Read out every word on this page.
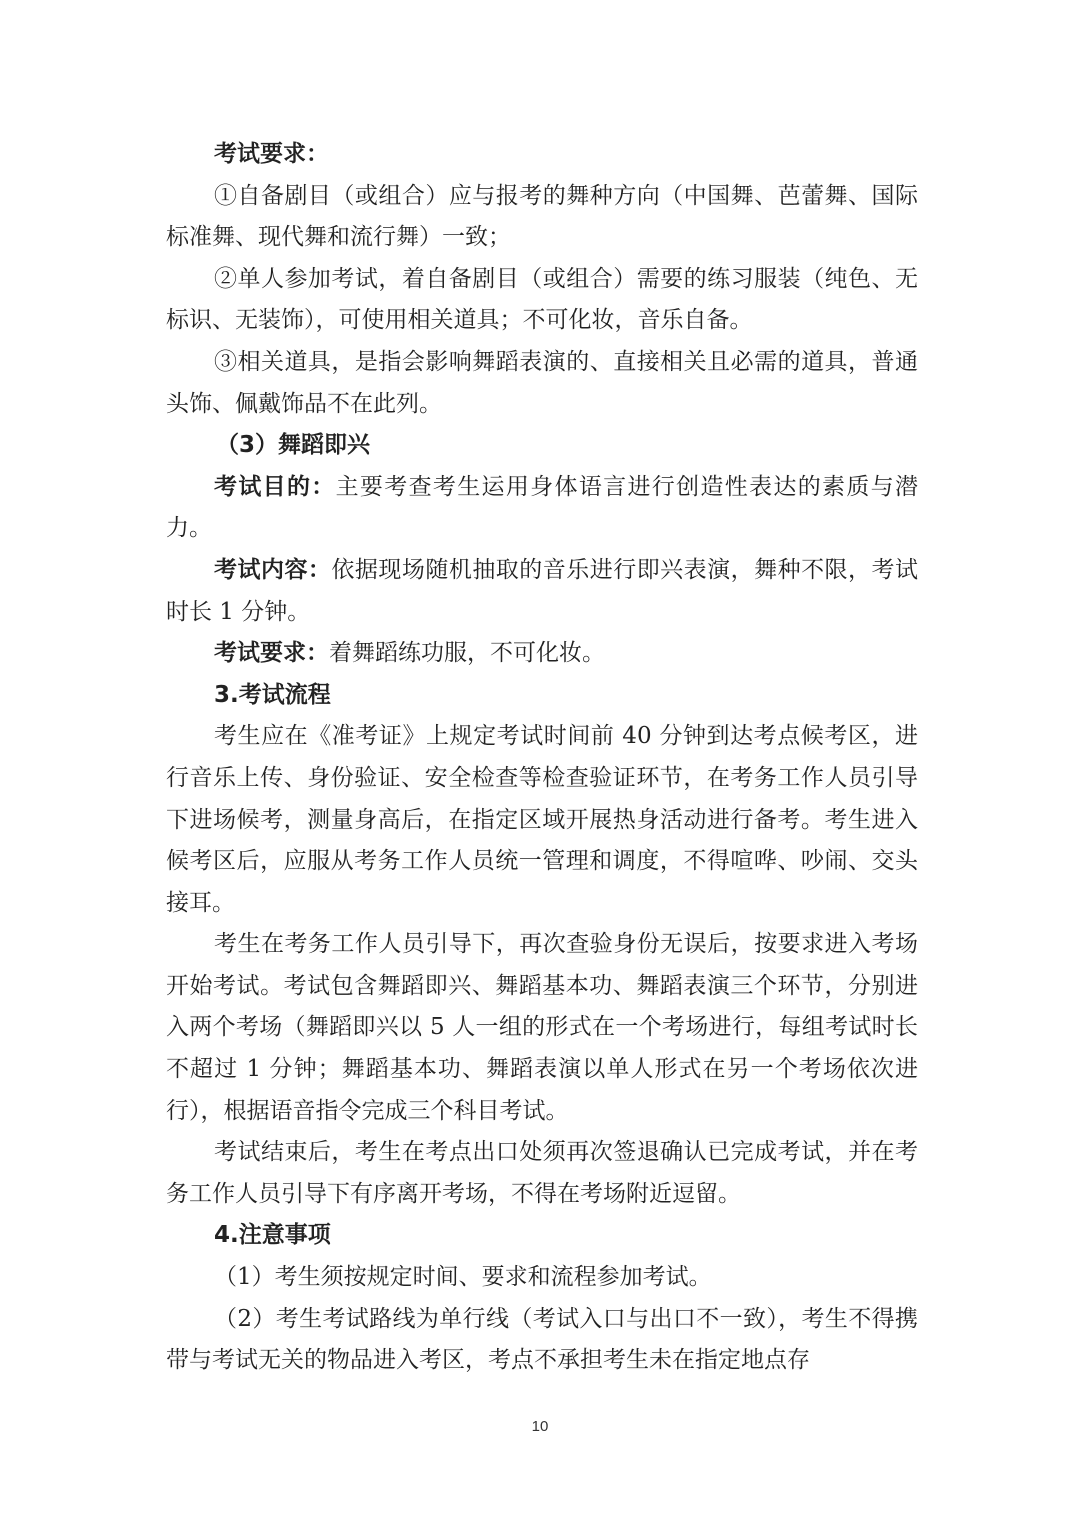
考试要求：

①自备剧目（或组合）应与报考的舞种方向（中国舞、芭蕾舞、国际标准舞、现代舞和流行舞）一致；

②单人参加考试，着自备剧目（或组合）需要的练习服装（纯色、无标识、无装饰），可使用相关道具；不可化妆，音乐自备。

③相关道具，是指会影响舞蹈表演的、直接相关且必需的道具，普通头饰、佩戴饰品不在此列。

（3）舞蹈即兴

考试目的：主要考查考生运用身体语言进行创造性表达的素质与潜力。

考试内容：依据现场随机抽取的音乐进行即兴表演，舞种不限，考试时长 1 分钟。

考试要求：着舞蹈练功服，不可化妆。

3.考试流程

考生应在《准考证》上规定考试时间前 40 分钟到达考点候考区，进行音乐上传、身份验证、安全检查等检查验证环节，在考务工作人员引导下进场候考，测量身高后，在指定区域开展热身活动进行备考。考生进入候考区后，应服从考务工作人员统一管理和调度，不得喧哗、吵闹、交头接耳。

考生在考务工作人员引导下，再次查验身份无误后，按要求进入考场开始考试。考试包含舞蹈即兴、舞蹈基本功、舞蹈表演三个环节，分别进入两个考场（舞蹈即兴以 5 人一组的形式在一个考场进行，每组考试时长不超过 1 分钟；舞蹈基本功、舞蹈表演以单人形式在另一个考场依次进行），根据语音指令完成三个科目考试。

考试结束后，考生在考点出口处须再次签退确认已完成考试，并在考务工作人员引导下有序离开考场，不得在考场附近逗留。

4.注意事项

（1）考生须按规定时间、要求和流程参加考试。

（2）考生考试路线为单行线（考试入口与出口不一致），考生不得携带与考试无关的物品进入考区，考点不承担考生未在指定地点存

10
